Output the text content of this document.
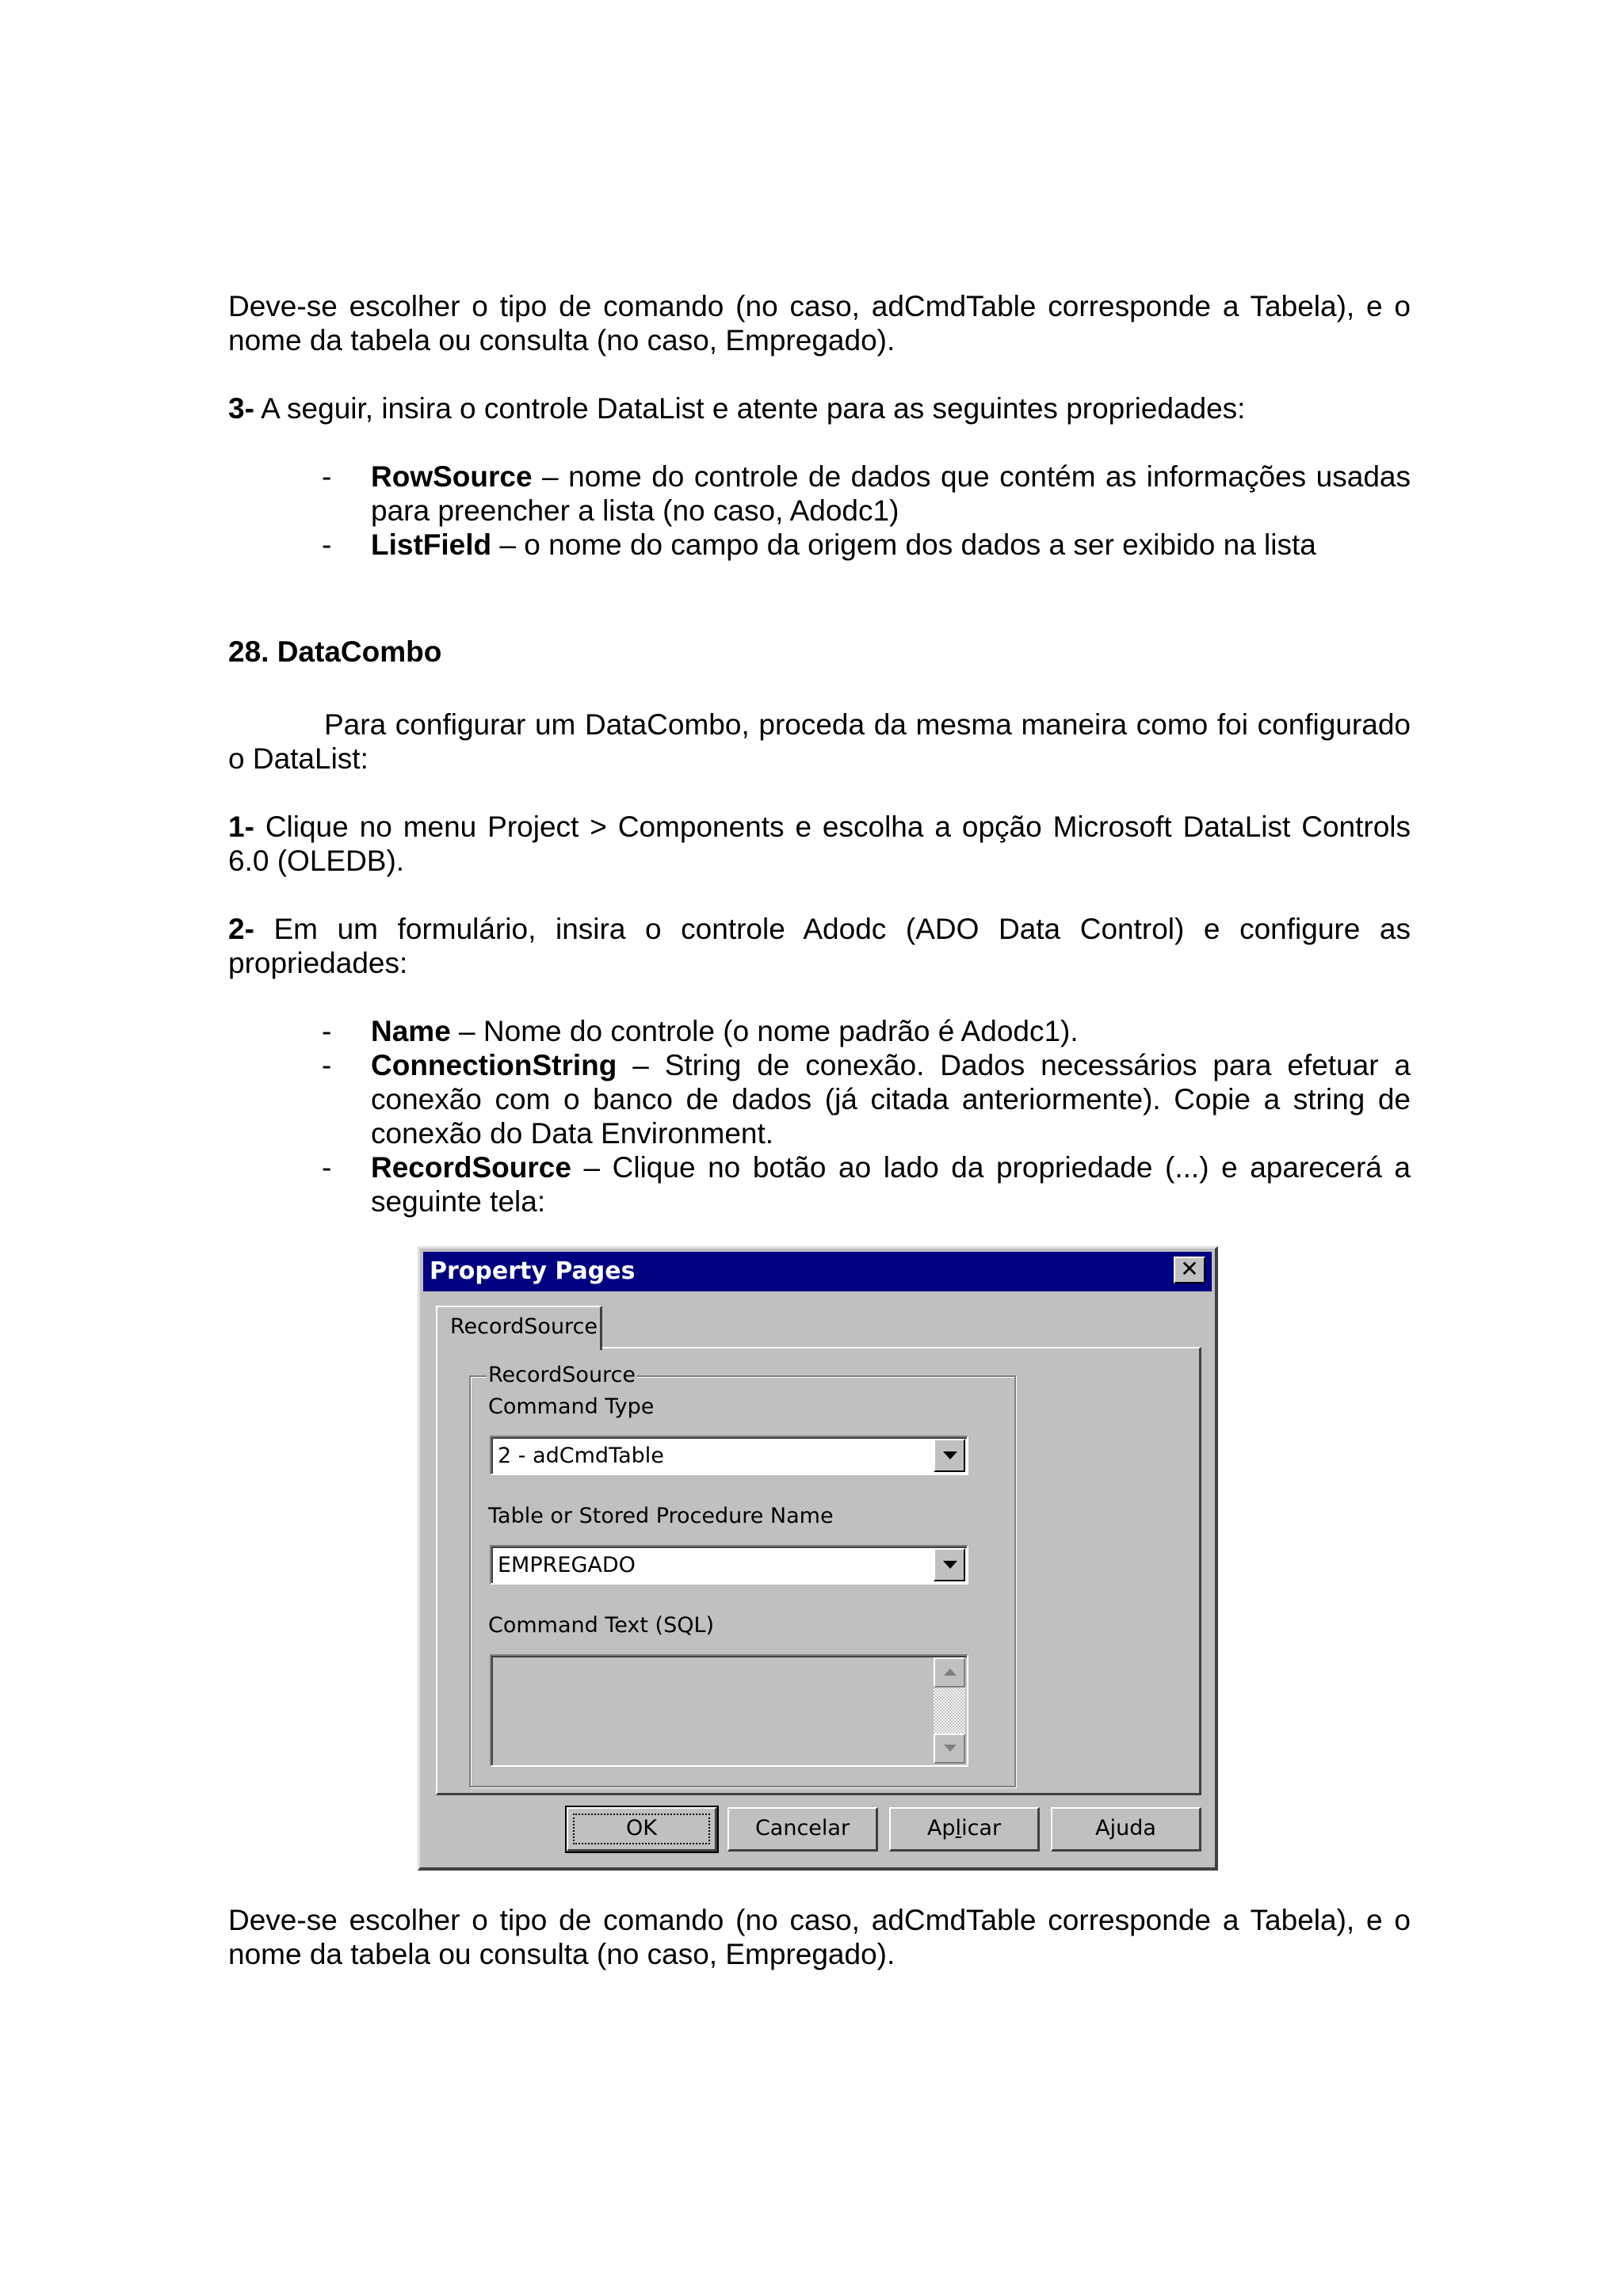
Deve-se escolher o tipo de comando (no caso, adCmdTable corresponde a Tabela), e o nome da tabela ou consulta (no caso, Empregado).

3- A seguir, insira o controle DataList e atente para as seguintes propriedades:

- RowSource – nome do controle de dados que contém as informações usadas para preencher a lista (no caso, Adodc1)
- ListField – o nome do campo da origem dos dados a ser exibido na lista
28. DataCombo

Para configurar um DataCombo, proceda da mesma maneira como foi configurado o DataList:

1- Clique no menu Project > Components e escolha a opção Microsoft DataList Controls 6.0 (OLEDB).

2- Em um formulário, insira o controle Adodc (ADO Data Control) e configure as propriedades:

- Name – Nome do controle (o nome padrão é Adodc1).
- ConnectionString – String de conexão. Dados necessários para efetuar a conexão com o banco de dados (já citada anteriormente). Copie a string de conexão do Data Environment.
- RecordSource – Clique no botão ao lado da propriedade (...) e aparecerá a seguinte tela:
Property Pages	✕
RecordSource
RecordSource
Command Type
2 - adCmdTable
Table or Stored Procedure Name
EMPREGADO
Command Text (SQL)
OK	Cancelar	Aplicar	Ajuda

Deve-se escolher o tipo de comando (no caso, adCmdTable corresponde a Tabela), e o nome da tabela ou consulta (no caso, Empregado).
